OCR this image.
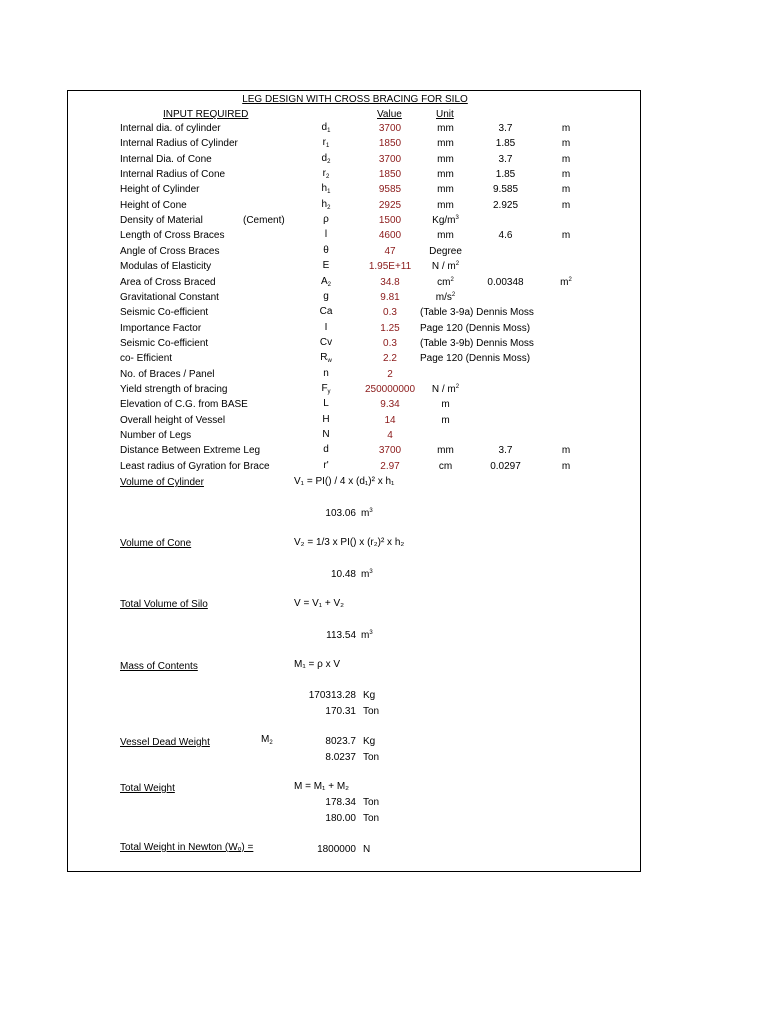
LEG DESIGN WITH CROSS BRACING FOR SILO
INPUT REQUIRED	Value	Unit
Internal dia. of cylinder	$d_1$	3700	mm	3.7	m
Internal Radius of Cylinder	$r_1$	1850	mm	1.85	m
Internal Dia. of Cone	$d_2$	3700	mm	3.7	m
Internal Radius of Cone	$r_2$	1850	mm	1.85	m
Height of Cylinder	$h_1$	9585	mm	9.585	m
Height of Cone	$h_2$	2925	mm	2.925	m
Density of Material	(Cement)	ρ	1500	$Kg/m^3$
Length of Cross Braces	l	4600	mm	4.6	m
Angle of Cross Braces	θ	47	Degree
Modulas of Elasticity	E	1.95E+11	N / $m^2$
Area of Cross Braced	$A_2$	34.8	$cm^2$	0.00348	$m^2$
Gravitational Constant	g	9.81	$m/s^2$
Seismic Co-efficient	Ca	0.3	(Table 3-9a) Dennis Moss
Importance Factor	I	1.25	Page 120 (Dennis Moss)
Seismic Co-efficient	Cv	0.3	(Table 3-9b) Dennis Moss
co- Efficient	$R_w$	2.2	Page 120 (Dennis Moss)
No. of Braces / Panel	n	2
Yield strength of bracing	$F_y$	250000000	N / $m^2$
Elevation of C.G. from BASE	L	9.34	m
Overall height of Vessel	H	14	m
Number of Legs	N	4
Distance Between Extreme Leg	d	3700	mm	3.7	m
Least radius of Gyration for Brace	r'	2.97	cm	0.0297	m
Volume of Cylinder	V₁ = PI() / 4 x (d₁)² x h₁
103.06 $m^3$
Volume of Cone	V₂ = 1/3 x PI() x (r₂)² x h₂
10.48 $m^3$
Total Volume of Silo	V = V₁ + V₂
113.54 $m^3$
Mass of Contents	M₁ = ρ x V
170313.28 Kg
170.31 Ton
Vessel Dead Weight	$M_2$	8023.7 Kg
8.0237 Ton
Total Weight	M = M₁ + M₂
178.34 Ton
180.00 Ton
Total Weight in Newton (Wₒ) =	1800000 N
